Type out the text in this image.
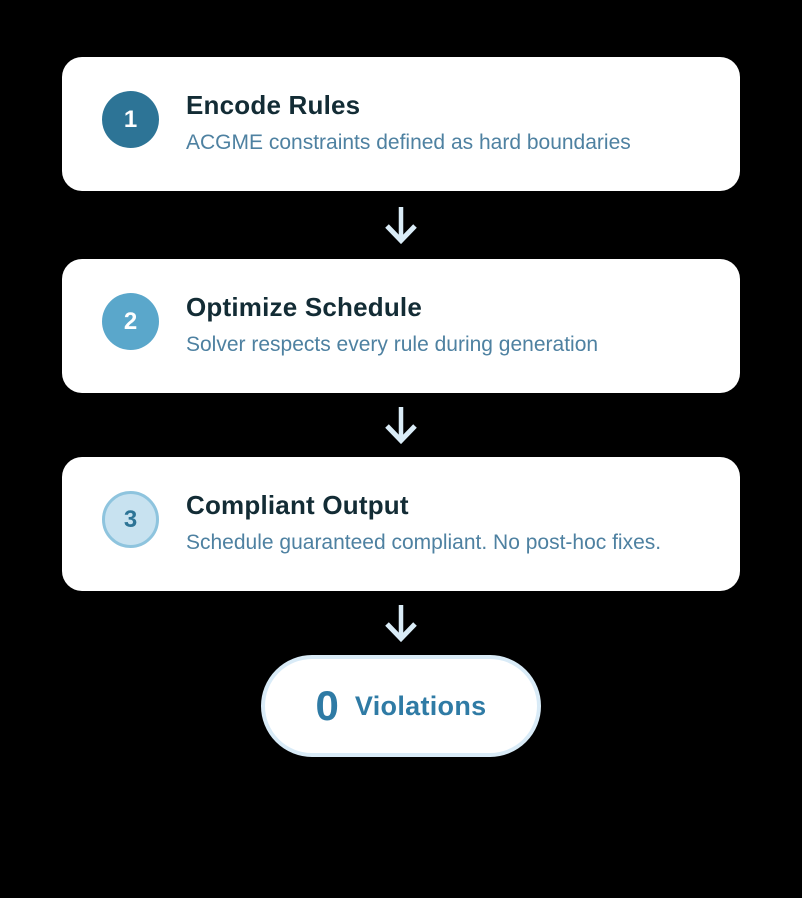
1 Encode Rules
ACGME constraints defined as hard boundaries
2 Optimize Schedule
Solver respects every rule during generation
3 Compliant Output
Schedule guaranteed compliant. No post-hoc fixes.
0 Violations
